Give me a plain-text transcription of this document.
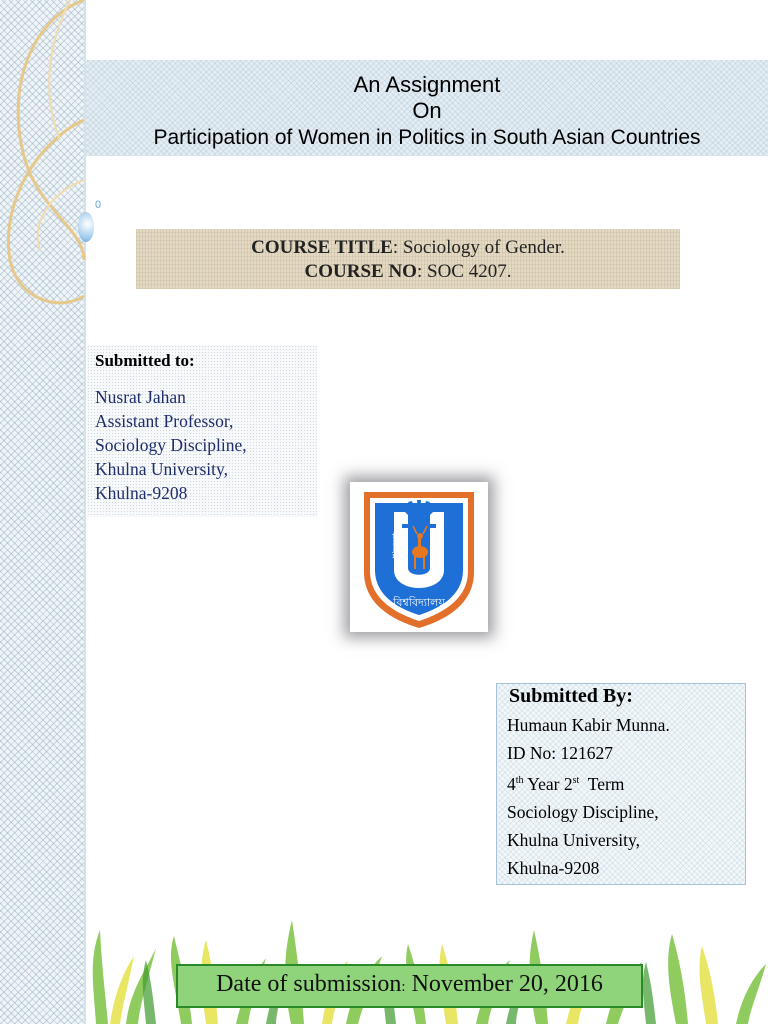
An Assignment
On
Participation of Women in Politics in South Asian Countries
0
COURSE TITLE: Sociology of Gender.
COURSE NO: SOC 4207.
Submitted to:
Nusrat Jahan
Assistant Professor,
Sociology Discipline,
Khulna University,
Khulna-9208
খুলনা
বিশ্ববিদ্যালয়
Submitted By:
Humaun Kabir Munna.
ID No: 121627
4th Year 2st  Term
Sociology Discipline,
Khulna University,
Khulna-9208
Date of submission: November 20, 2016
